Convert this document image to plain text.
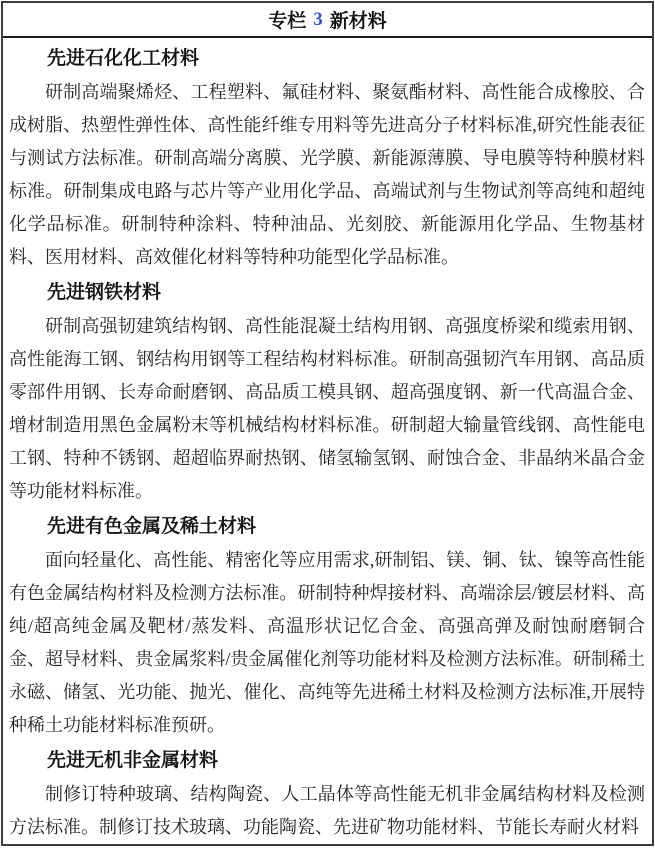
专栏 3 新材料
先进石化化工材料

研制高端聚烯烃、工程塑料、氟硅材料、聚氨酯材料、高性能合成橡胶、合成树脂、热塑性弹性体、高性能纤维专用料等先进高分子材料标准,研究性能表征与测试方法标准。研制高端分离膜、光学膜、新能源薄膜、导电膜等特种膜材料标准。研制集成电路与芯片等产业用化学品、高端试剂与生物试剂等高纯和超纯化学品标准。研制特种涂料、特种油品、光刻胶、新能源用化学品、生物基材料、医用材料、高效催化材料等特种功能型化学品标准。

先进钢铁材料

研制高强韧建筑结构钢、高性能混凝土结构用钢、高强度桥梁和缆索用钢、高性能海工钢、钢结构用钢等工程结构材料标准。研制高强韧汽车用钢、高品质零部件用钢、长寿命耐磨钢、高品质工模具钢、超高强度钢、新一代高温合金、增材制造用黑色金属粉末等机械结构材料标准。研制超大输量管线钢、高性能电工钢、特种不锈钢、超超临界耐热钢、储氢输氢钢、耐蚀合金、非晶纳米晶合金等功能材料标准。

先进有色金属及稀土材料

面向轻量化、高性能、精密化等应用需求,研制铝、镁、铜、钛、镍等高性能有色金属结构材料及检测方法标准。研制特种焊接材料、高端涂层/镀层材料、高纯/超高纯金属及靶材/蒸发料、高温形状记忆合金、高强高弹及耐蚀耐磨铜合金、超导材料、贵金属浆料/贵金属催化剂等功能材料及检测方法标准。研制稀土永磁、储氢、光功能、抛光、催化、高纯等先进稀土材料及检测方法标准,开展特种稀土功能材料标准预研。

先进无机非金属材料

制修订特种玻璃、结构陶瓷、人工晶体等高性能无机非金属结构材料及检测方法标准。制修订技术玻璃、功能陶瓷、先进矿物功能材料、节能长寿耐火材料
